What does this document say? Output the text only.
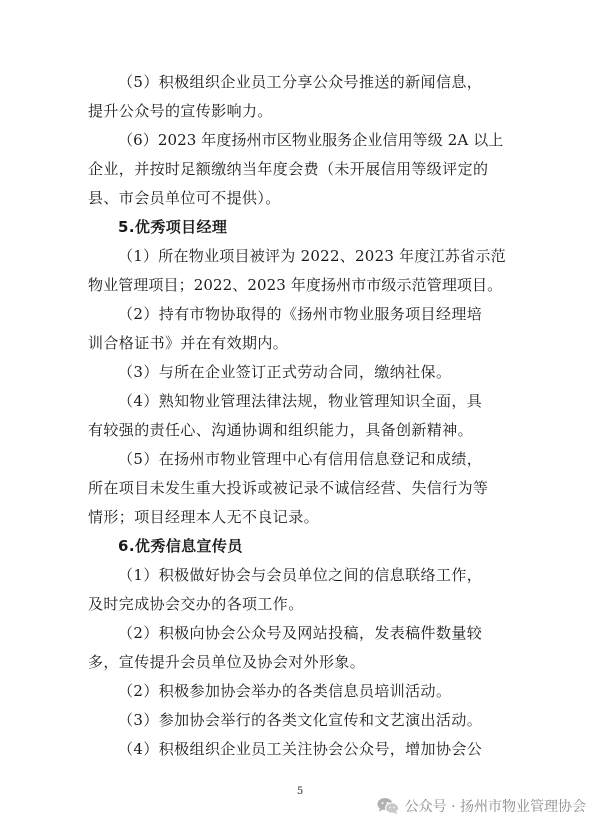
（5）积极组织企业员工分享公众号推送的新闻信息，

提升公众号的宣传影响力。

（6）2023 年度扬州市区物业服务企业信用等级 2A 以上

企业，并按时足额缴纳当年度会费（未开展信用等级评定的

县、市会员单位可不提供）。

5.优秀项目经理

（1）所在物业项目被评为 2022、2023 年度江苏省示范

物业管理项目；2022、2023 年度扬州市市级示范管理项目。

（2）持有市物协取得的《扬州市物业服务项目经理培

训合格证书》并在有效期内。

（3）与所在企业签订正式劳动合同，缴纳社保。

（4）熟知物业管理法律法规，物业管理知识全面，具

有较强的责任心、沟通协调和组织能力，具备创新精神。

（5）在扬州市物业管理中心有信用信息登记和成绩，

所在项目未发生重大投诉或被记录不诚信经营、失信行为等

情形；项目经理本人无不良记录。

6.优秀信息宣传员

（1）积极做好协会与会员单位之间的信息联络工作，

及时完成协会交办的各项工作。

（2）积极向协会公众号及网站投稿，发表稿件数量较

多，宣传提升会员单位及协会对外形象。

（2）积极参加协会举办的各类信息员培训活动。

（3）参加协会举行的各类文化宣传和文艺演出活动。

（4）积极组织企业员工关注协会公众号，增加协会公

5
公众号 · 扬州市物业管理协会
